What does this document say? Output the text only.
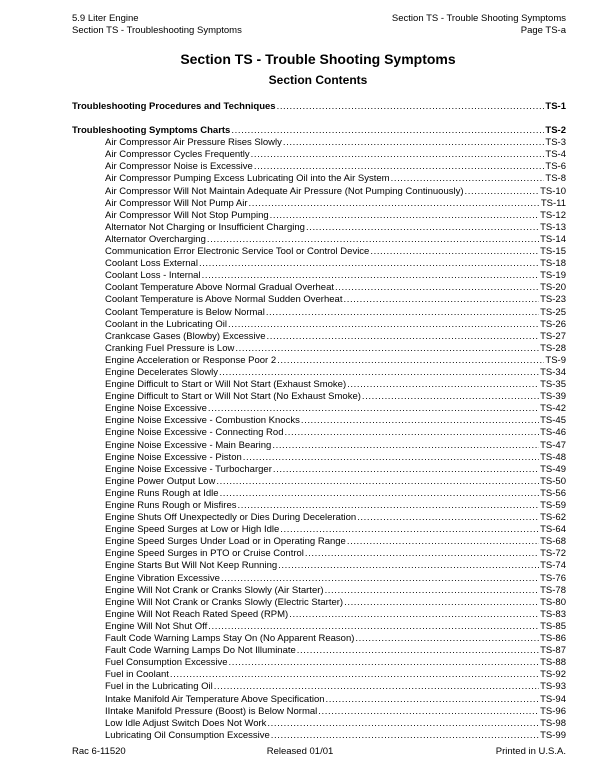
5.9 Liter Engine
Section TS - Troubleshooting Symptoms
Section TS - Trouble Shooting Symptoms
Page TS-a
Section TS - Trouble Shooting Symptoms
Section Contents
Troubleshooting Procedures and Techniques .....	TS-1
Troubleshooting Symptoms Charts .....	TS-2
Air Compressor Air Pressure Rises Slowly .....	TS-3
Air Compressor Cycles Frequently .....	TS-4
Air Compressor Noise is Excessive .....	TS-6
Air Compressor Pumping Excess Lubricating Oil into the Air System .....	TS-8
Air Compressor Will Not Maintain Adequate Air Pressure (Not Pumping Continuously) .....	TS-10
Air Compressor Will Not Pump Air .....	TS-11
Air Compressor Will Not Stop Pumping .....	TS-12
Alternator Not Charging or Insufficient Charging .....	TS-13
Alternator Overcharging .....	TS-14
Communication Error Electronic Service Tool or Control Device .....	TS-15
Coolant Loss External .....	TS-18
Coolant Loss - Internal .....	TS-19
Coolant Temperature Above Normal Gradual Overheat .....	TS-20
Coolant Temperature is Above Normal Sudden Overheat .....	TS-23
Coolant Temperature is Below Normal .....	TS-25
Coolant in the Lubricating Oil .....	TS-26
Crankcase Gases (Blowby) Excessive .....	TS-27
Cranking Fuel Pressure is Low .....	TS-28
Engine Acceleration or Response Poor 2 .....	TS-9
Engine Decelerates Slowly .....	TS-34
Engine Difficult to Start or Will Not Start (Exhaust Smoke) .....	TS-35
Engine Difficult to Start or Will Not Start (No Exhaust Smoke) .....	TS-39
Engine Noise Excessive .....	TS-42
Engine Noise Excessive - Combustion Knocks .....	TS-45
Engine Noise Excessive - Connecting Rod .....	TS-46
Engine Noise Excessive - Main Bearing .....	TS-47
Engine Noise Excessive - Piston .....	TS-48
Engine Noise Excessive - Turbocharger .....	TS-49
Engine Power Output Low .....	TS-50
Engine Runs Rough at Idle .....	TS-56
Engine Runs Rough or Misfires .....	TS-59
Engine Shuts Off Unexpectedly or Dies During Deceleration .....	TS-62
Engine Speed Surges at Low or High Idle .....	TS-64
Engine Speed Surges Under Load or in Operating Range .....	TS-68
Engine Speed Surges in PTO or Cruise Control .....	TS-72
Engine Starts But Will Not Keep Running .....	TS-74
Engine Vibration Excessive .....	TS-76
Engine Will Not Crank or Cranks Slowly (Air Starter) .....	TS-78
Engine Will Not Crank or Cranks Slowly (Electric Starter) .....	TS-80
Engine Will Not Reach Rated Speed (RPM) .....	TS-83
Engine Will Not Shut Off .....	TS-85
Fault Code Warning Lamps Stay On (No Apparent Reason) .....	TS-86
Fault Code Warning Lamps Do Not Illuminate .....	TS-87
Fuel Consumption Excessive .....	TS-88
Fuel in Coolant .....	TS-92
Fuel in the Lubricating Oil .....	TS-93
Intake Manifold Air Temperature Above Specification .....	TS-94
IIntake Manifold Pressure (Boost) is Below Normal .....	TS-96
Low Idle Adjust Switch Does Not Work .....	TS-98
Lubricating Oil Consumption Excessive .....	TS-99
Rac 6-11520	Released 01/01	Printed in U.S.A.
